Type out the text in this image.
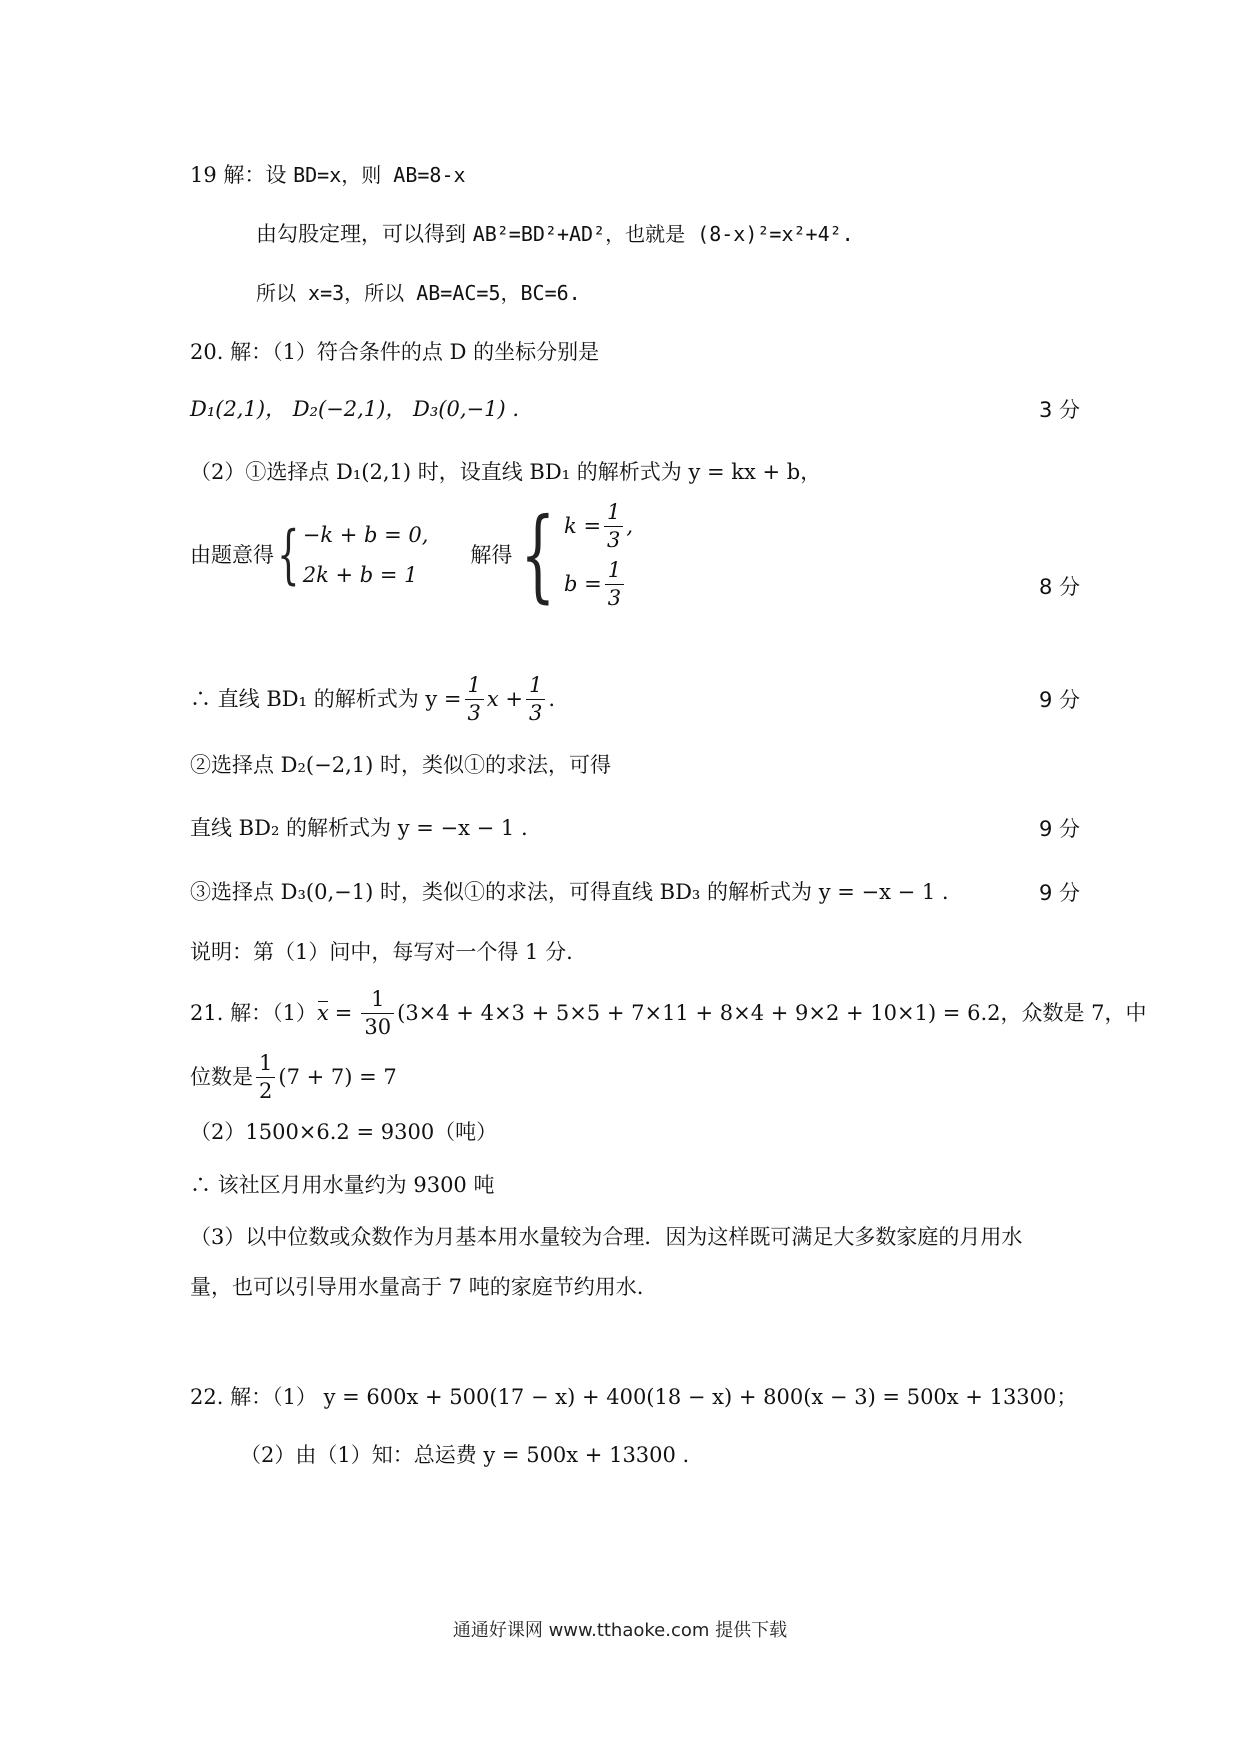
19 解：设 BD=x，则 AB=8-x
由勾股定理，可以得到 AB²=BD²+AD²，也就是 (8-x)²=x²+4².
所以 x=3，所以 AB=AC=5，BC=6.
20. 解：（1）符合条件的点 D 的坐标分别是
D₁(2,1)， D₂(−2,1)， D₃(0,−1) .	3 分
（2）①选择点 D₁(2,1) 时，设直线 BD₁ 的解析式为 y = kx + b，
由题意得 { −k + b = 0,
2k + b = 1
解得 { $k = \frac{1}{3}$ ,
$b = \frac{1}{3}$	8 分
∴ 直线 BD₁ 的解析式为 $y = \frac{1}{3}$ $x + \frac{1}{3}$ .	9 分
②选择点 D₂(−2,1) 时，类似①的求法，可得
直线 BD₂ 的解析式为 y = −x − 1 .	9 分
③选择点 D₃(0,−1) 时，类似①的求法，可得直线 BD₃ 的解析式为 y = −x − 1 .	9 分
说明：第（1）问中，每写对一个得 1 分.
21. 解：（1） $x = \frac{1}{30} (3\times 4 + 4\times 3 + 5\times 5 + 7\times 11 + 8\times 4 + 9\times 2 + 10\times 1) = 6.2$，众数是 7，中
位数是 $\frac{1}{2} (7 + 7) = 7$
（2）1500×6.2 = 9300（吨）
∴ 该社区月用水量约为 9300 吨
（3）以中位数或众数作为月基本用水量较为合理．因为这样既可满足大多数家庭的月用水
量，也可以引导用水量高于 7 吨的家庭节约用水.
22. 解：（1） y = 600x + 500(17 − x) + 400(18 − x) + 800(x − 3) = 500x + 13300；
（2）由（1）知：总运费 y = 500x + 13300 .
通通好课网 www.tthaoke.com 提供下载
